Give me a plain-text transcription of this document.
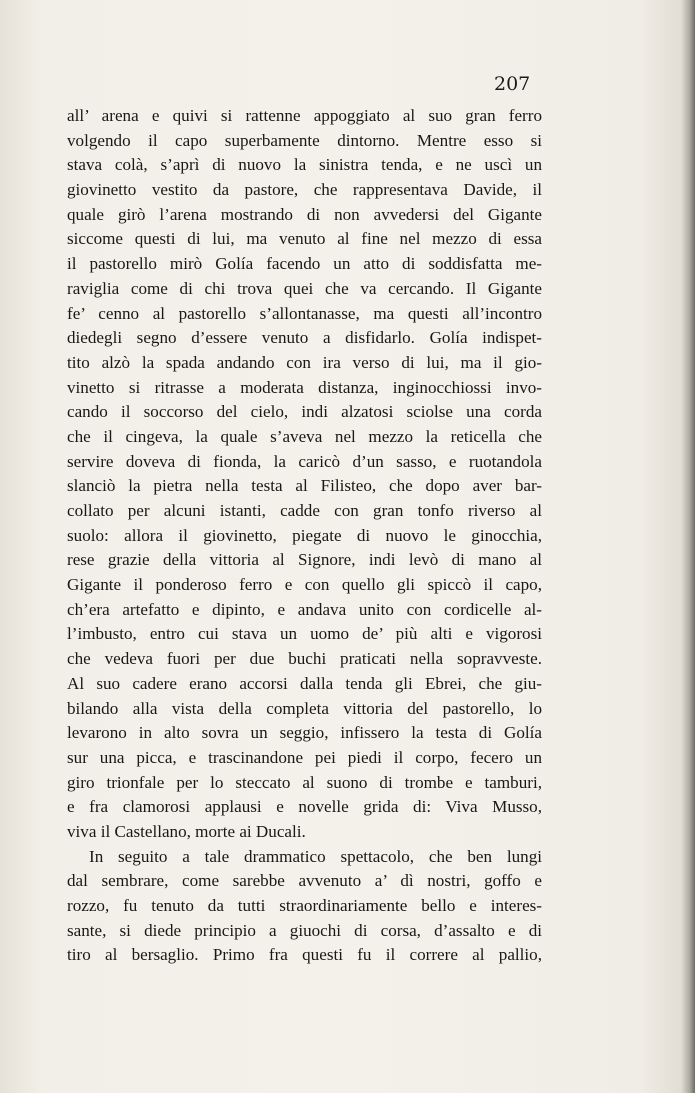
207

all’ arena e quivi si rattenne appoggiato al suo gran ferro
volgendo il capo superbamente dintorno. Mentre esso si
stava colà, s’aprì di nuovo la sinistra tenda, e ne uscì un
giovinetto vestito da pastore, che rappresentava Davide, il
quale girò l’arena mostrando di non avvedersi del Gigante
siccome questi di lui, ma venuto al fine nel mezzo di essa
il pastorello mirò Golía facendo un atto di soddisfatta me-
raviglia come di chi trova quei che va cercando. Il Gigante
fe’ cenno al pastorello s’allontanasse, ma questi all’incontro
diedegli segno d’essere venuto a disfidarlo. Golía indispet-
tito alzò la spada andando con ira verso di lui, ma il gio-
vinetto si ritrasse a moderata distanza, inginocchiossi invo-
cando il soccorso del cielo, indi alzatosi sciolse una corda
che il cingeva, la quale s’aveva nel mezzo la reticella che
servire doveva di fionda, la caricò d’un sasso, e ruotandola
slanciò la pietra nella testa al Filisteo, che dopo aver bar-
collato per alcuni istanti, cadde con gran tonfo riverso al
suolo: allora il giovinetto, piegate di nuovo le ginocchia,
rese grazie della vittoria al Signore, indi levò di mano al
Gigante il ponderoso ferro e con quello gli spiccò il capo,
ch’era artefatto e dipinto, e andava unito con cordicelle al-
l’imbusto, entro cui stava un uomo de’ più alti e vigorosi
che vedeva fuori per due buchi praticati nella sopravveste.
Al suo cadere erano accorsi dalla tenda gli Ebrei, che giu-
bilando alla vista della completa vittoria del pastorello, lo
levarono in alto sovra un seggio, infissero la testa di Golía
sur una picca, e trascinandone pei piedi il corpo, fecero un
giro trionfale per lo steccato al suono di trombe e tamburi,
e fra clamorosi applausi e novelle grida di: Viva Musso,
viva il Castellano, morte ai Ducali.
In seguito a tale drammatico spettacolo, che ben lungi
dal sembrare, come sarebbe avvenuto a’ dì nostri, goffo e
rozzo, fu tenuto da tutti straordinariamente bello e interes-
sante, si diede principio a giuochi di corsa, d’assalto e di
tiro al bersaglio. Primo fra questi fu il correre al pallio,
